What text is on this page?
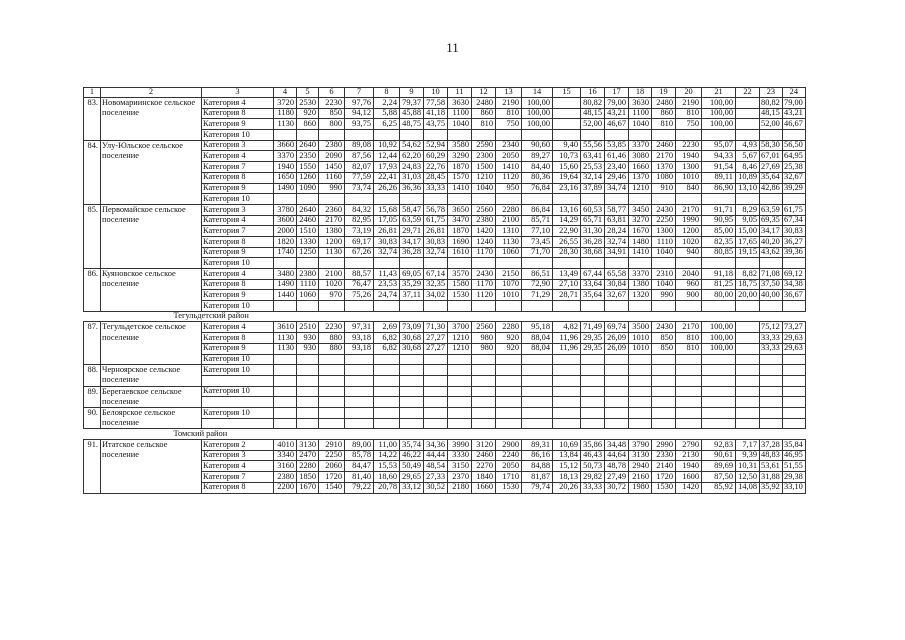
11
1	2	3	4	5	6	7	8	9	10	11	12	13	14	15	16	17	18	19	20	21	22	23	24
83.	Новомариинское сельское поселение	Категория 4	3720	2530	2230	97,76	2,24	79,37	77,58	3630	2480	2190	100,00		80,82	79,00	3630	2480	2190	100,00		80,82	79,00
		Категория 8	1180	920	850	94,12	5,88	45,88	41,18	1100	860	810	100,00		48,15	43,21	1100	860	810	100,00		48,15	43,21
		Категория 9	1130	860	800	93,75	6,25	48,75	43,75	1040	810	750	100,00		52,00	46,67	1040	810	750	100,00		52,00	46,67
		Категория 10																					
84.	Улу-Юльское сельское поселение	Категория 3	3660	2640	2380	89,08	10,92	54,62	52,94	3580	2590	2340	90,60	9,40	55,56	53,85	3370	2460	2230	95,07	4,93	58,30	56,50
		Категория 4	3370	2350	2090	87,56	12,44	62,20	60,29	3290	2300	2050	89,27	10,73	63,41	61,46	3080	2170	1940	94,33	5,67	67,01	64,95
		Категория 7	1940	1550	1450	82,07	17,93	24,83	22,76	1870	1500	1410	84,40	15,60	25,53	23,40	1660	1370	1300	91,54	8,46	27,69	25,38
		Категория 8	1650	1260	1160	77,59	22,41	31,03	28,45	1570	1210	1120	80,36	19,64	32,14	29,46	1370	1080	1010	89,11	10,89	35,64	32,67
		Категория 9	1490	1090	990	73,74	26,26	36,36	33,33	1410	1040	950	76,84	23,16	37,89	34,74	1210	910	840	86,90	13,10	42,86	39,29
		Категория 10																					
85.	Первомайское сельское поселение	Категория 3	3780	2640	2360	84,32	15,68	58,47	56,78	3650	2560	2280	86,84	13,16	60,53	58,77	3450	2430	2170	91,71	8,29	63,59	61,75
		Категория 4	3600	2460	2170	82,95	17,05	63,59	61,75	3470	2380	2100	85,71	14,29	65,71	63,81	3270	2250	1990	90,95	9,05	69,35	67,34
		Категория 7	2000	1510	1380	73,19	26,81	29,71	26,81	1870	1420	1310	77,10	22,90	31,30	28,24	1670	1300	1200	85,00	15,00	34,17	30,83
		Категория 8	1820	1330	1200	69,17	30,83	34,17	30,83	1690	1240	1130	73,45	26,55	36,28	32,74	1480	1110	1020	82,35	17,65	40,20	36,27
		Категория 9	1740	1250	1130	67,26	32,74	36,28	32,74	1610	1170	1060	71,70	28,30	38,68	34,91	1410	1040	940	80,85	19,15	43,62	39,36
		Категория 10																					
86.	Куяновское сельское поселение	Категория 4	3480	2380	2100	88,57	11,43	69,05	67,14	3570	2430	2150	86,51	13,49	67,44	65,58	3370	2310	2040	91,18	8,82	71,08	69,12
		Категория 8	1490	1110	1020	76,47	23,53	35,29	32,35	1580	1170	1070	72,90	27,10	33,64	30,84	1380	1040	960	81,25	18,75	37,50	34,38
		Категория 9	1440	1060	970	75,26	24,74	37,11	34,02	1530	1120	1010	71,29	28,71	35,64	32,67	1320	990	900	80,00	20,00	40,00	36,67
		Категория 10																					
Тегульдетский район																							
87.	Тегульдетское сельское поселение	Категория 4	3610	2510	2230	97,31	2,69	73,09	71,30	3700	2560	2280	95,18	4,82	71,49	69,74	3500	2430	2170	100,00		75,12	73,27
		Категория 8	1130	930	880	93,18	6,82	30,68	27,27	1210	980	920	88,04	11,96	29,35	26,09	1010	850	810	100,00		33,33	29,63
		Категория 9	1130	930	880	93,18	6,82	30,68	27,27	1210	980	920	88,04	11,96	29,35	26,09	1010	850	810	100,00		33,33	29,63
		Категория 10																					
88.	Черноярское сельское поселение	Категория 10																					

89.	Берегаевское сельское поселение	Категория 10																					

90.	Белоярское сельское поселение	Категория 10																					

Томский район																							
91.	Итатское сельское поселение	Категория 2	4010	3130	2910	89,00	11,00	35,74	34,36	3990	3120	2900	89,31	10,69	35,86	34,48	3790	2990	2790	92,83	7,17	37,28	35,84
		Категория 3	3340	2470	2250	85,78	14,22	46,22	44,44	3330	2460	2240	86,16	13,84	46,43	44,64	3130	2330	2130	90,61	9,39	48,83	46,95
		Категория 4	3160	2280	2060	84,47	15,53	50,49	48,54	3150	2270	2050	84,88	15,12	50,73	48,78	2940	2140	1940	89,69	10,31	53,61	51,55
		Категория 7	2380	1850	1720	81,40	18,60	29,65	27,33	2370	1840	1710	81,87	18,13	29,82	27,49	2160	1720	1600	87,50	12,50	31,88	29,38
		Категория 8	2200	1670	1540	79,22	20,78	33,12	30,52	2180	1660	1530	79,74	20,26	33,33	30,72	1980	1530	1420	85,92	14,08	35,92	33,10
